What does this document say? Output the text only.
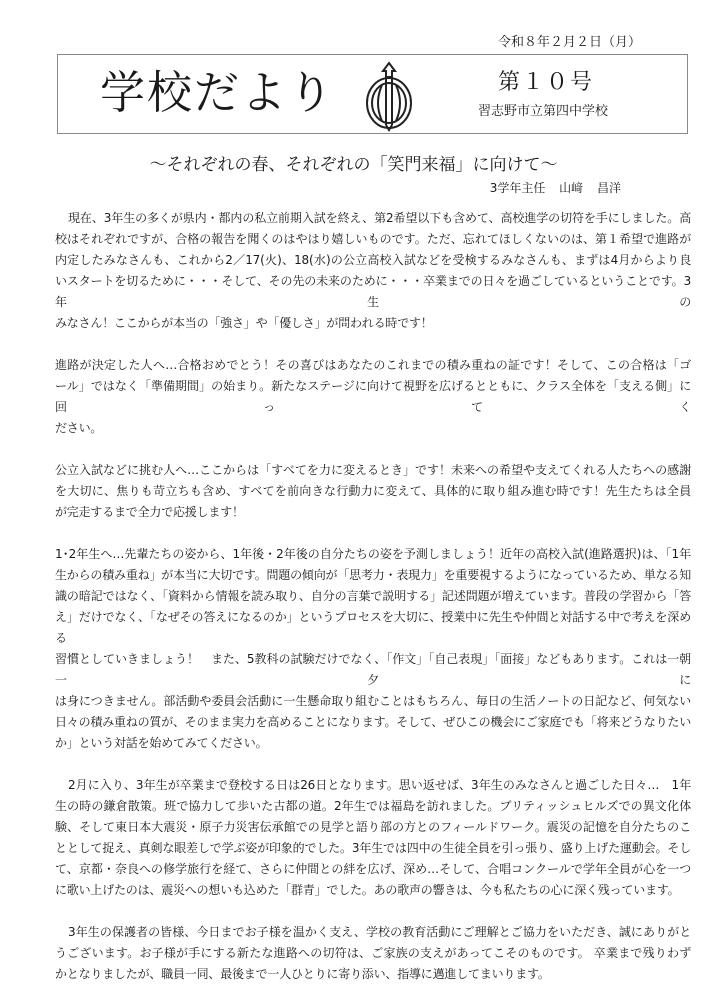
令和８年２月２日（月）
学校だより	第１０号
習志野市立第四中学校
～それぞれの春、それぞれの「笑門来福」に向けて～
3学年主任 山﨑 昌洋
現在、3年生の多くが県内・都内の私立前期入試を終え、第2希望以下も含めて、高校進学の切符を手にしました。高
校はそれぞれですが、合格の報告を聞くのはやはり嬉しいものです。ただ、忘れてほしくないのは、第１希望で進路が
内定したみなさんも、これから2／17(火)、18(水)の公立高校入試などを受検するみなさんも、まずは4月からより良
いスタートを切るために・・・そして、その先の未来のために・・・卒業までの日々を過ごしているということです。3年生の
みなさん！ここからが本当の「強さ」や「優しさ」が問われる時です！
進路が決定した人へ…合格おめでとう！その喜びはあなたのこれまでの積み重ねの証です！そして、この合格は「ゴ
ール」ではなく「準備期間」の始まり。新たなステージに向けて視野を広げるとともに、クラス全体を「支える側」に回ってく
ださい。
公立入試などに挑む人へ…ここからは「すべてを力に変えるとき」です！未来への希望や支えてくれる人たちへの感謝
を大切に、焦りも苛立ちも含め、すべてを前向きな行動力に変えて、具体的に取り組み進む時です！先生たちは全員
が完走するまで全力で応援します！
1･2年生へ…先輩たちの姿から、1年後・2年後の自分たちの姿を予測しましょう！近年の高校入試(進路選択)は、「1年
生からの積み重ね」が本当に大切です。問題の傾向が「思考力・表現力」を重要視するようになっているため、単なる知
識の暗記ではなく、「資料から情報を読み取り、自分の言葉で説明する」記述問題が増えています。普段の学習から「答
え」だけでなく、「なぜその答えになるのか」というプロセスを大切に、授業中に先生や仲間と対話する中で考えを深める
習慣としていきましょう！　また、5教科の試験だけでなく、「作文」「自己表現」「面接」などもあります。これは一朝一夕に
は身につきません。部活動や委員会活動に一生懸命取り組むことはもちろん、毎日の生活ノートの日記など、何気ない
日々の積み重ねの質が、そのまま実力を高めることになります。そして、ぜひこの機会にご家庭でも「将来どうなりたい
か」という対話を始めてみてください。
2月に入り、3年生が卒業まで登校する日は26日となります。思い返せば、3年生のみなさんと過ごした日々…　1年
生の時の鎌倉散策。班で協力して歩いた古都の道。2年生では福島を訪れました。ブリティッシュヒルズでの異文化体
験、そして東日本大震災・原子力災害伝承館での見学と語り部の方とのフィールドワーク。震災の記憶を自分たちのこ
ととして捉え、真剣な眼差しで学ぶ姿が印象的でした。3年生では四中の生徒全員を引っ張り、盛り上げた運動会。そし
て、京都・奈良への修学旅行を経て、さらに仲間との絆を広げ、深め…そして、合唱コンクールで学年全員が心を一つ
に歌い上げたのは、震災への想いも込めた「群青」でした。あの歌声の響きは、今も私たちの心に深く残っています。
3年生の保護者の皆様、今日までお子様を温かく支え、学校の教育活動にご理解とご協力をいただき、誠にありがと
うございます。お子様が手にする新たな進路への切符は、ご家族の支えがあってこそのものです。 卒業まで残りわず
かとなりましたが、職員一同、最後まで一人ひとりに寄り添い、指導に邁進してまいります。
